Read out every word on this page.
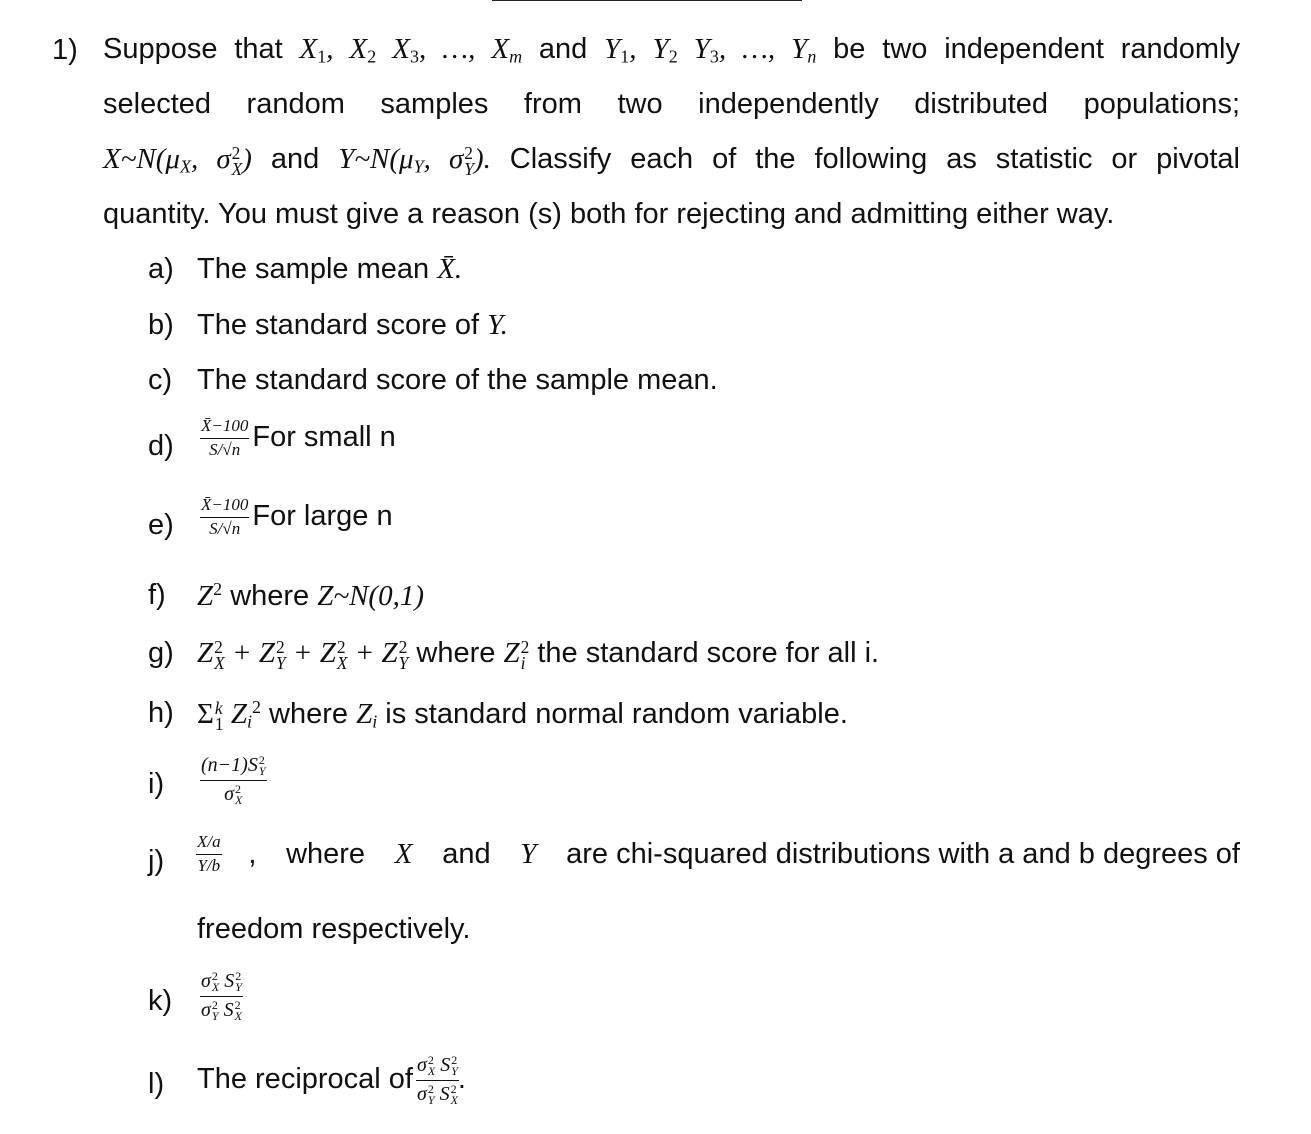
1) Suppose that $X_1$, $X_2$ $X_3$, …, $X_m$ and $Y_1$, $Y_2$ $Y_3$, …, $Y_n$ be two independent randomly
selected random samples from two independently distributed populations;
$X\sim N(\mu_X$, σ 2
X ) and $Y\sim N(\mu_Y$, σ 2
Y ). Classify each of the following as statistic or pivotal
quantity. You must give a reason (s) both for rejecting and admitting either way.
a) The sample mean X̄.
b) The standard score of Y.
c) The standard score of the sample mean.
$d) \frac{X̄-100}{S/√n}$ For small n
$e) \frac{X̄-100}{S/√n}$ For large n
f) $Z^2$ where Z~N(0,1)
g) Z 2
X + Z 2
Y + Z 2
X + Z 2
Y where Z 2
i the standard score for all i.
h) Σ k
1 $Z_i^2$ where $Z_i$ is standard normal random variable.
i) (n−1)S 2
Y
σ 2
X
$j) \frac{X/a}{Y/b}$ , where X and Y are chi-squared distributions with a and b degrees of
freedom respectively.
k) σ 2
X S 2
Y
σ 2
Y S 2
X
l) The reciprocal of σ 2
X S 2
Y
σ 2
Y S 2
X .
